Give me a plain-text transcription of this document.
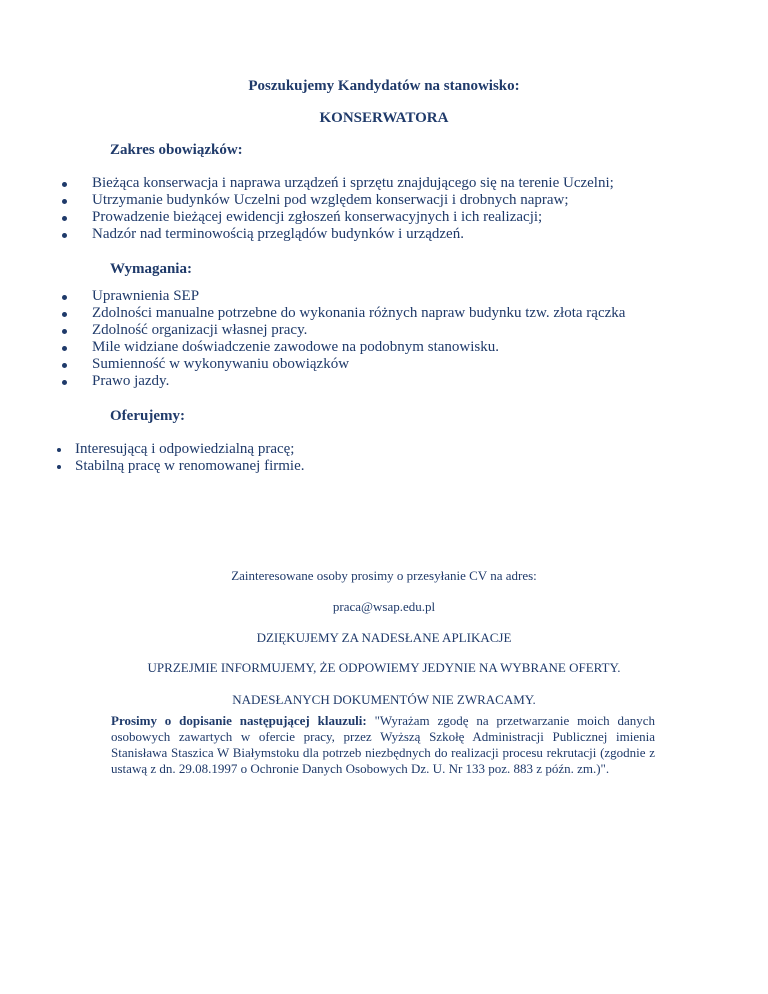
Poszukujemy Kandydatów na stanowisko:

KONSERWATORA

Zakres obowiązków:

Bieżąca konserwacja i naprawa urządzeń i sprzętu znajdującego się na terenie Uczelni;
Utrzymanie budynków Uczelni pod względem konserwacji i drobnych napraw;
Prowadzenie bieżącej ewidencji zgłoszeń konserwacyjnych i ich realizacji;
Nadzór nad terminowością przeglądów budynków i urządzeń.

Wymagania:

Uprawnienia SEP
Zdolności manualne potrzebne do wykonania różnych napraw budynku tzw. złota rączka
Zdolność organizacji własnej pracy.
Mile widziane doświadczenie zawodowe na podobnym stanowisku.
Sumienność w wykonywaniu obowiązków
Prawo jazdy.

Oferujemy:

Interesującą i odpowiedzialną pracę;
Stabilną pracę w renomowanej firmie.

Zainteresowane osoby prosimy o przesyłanie CV na adres:

praca@wsap.edu.pl

DZIĘKUJEMY ZA NADESŁANE APLIKACJE

UPRZEJMIE INFORMUJEMY, ŻE ODPOWIEMY JEDYNIE NA WYBRANE OFERTY.

NADESŁANYCH DOKUMENTÓW NIE ZWRACAMY.

Prosimy o dopisanie następującej klauzuli: "Wyrażam zgodę na przetwarzanie moich danych osobowych zawartych w ofercie pracy, przez Wyższą Szkołę Administracji Publicznej imienia Stanisława Staszica W Białymstoku dla potrzeb niezbędnych do realizacji procesu rekrutacji (zgodnie z ustawą z dn. 29.08.1997 o Ochronie Danych Osobowych Dz. U. Nr 133 poz. 883 z późn. zm.)".
